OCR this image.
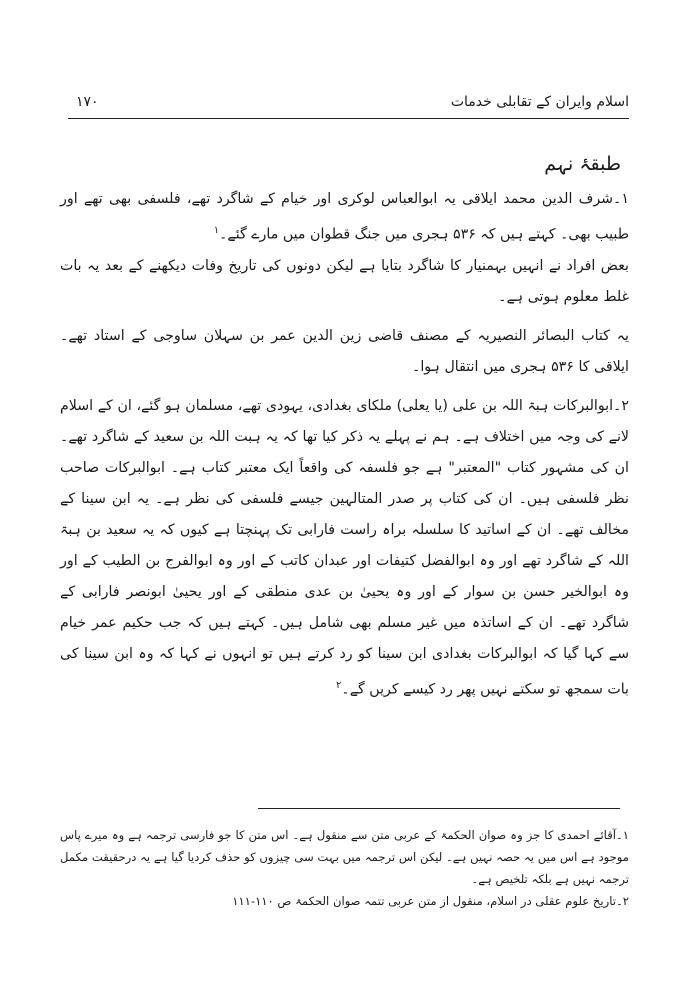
اسلام وایران کے تقابلی خدمات
۱۷۰
طبقۂ نہم

۱۔شرف الدین محمد ایلاقی یہ ابوالعباس لوکری اور خیام کے شاگرد تھے، فلسفی بھی تھے اور طبیب بھی۔ کہتے ہیں کہ ۵۳۶ ہجری میں جنگ قطوان میں مارے گئے۔$^۱$

بعض افراد نے انہیں بہمنیار کا شاگرد بتایا ہے لیکن دونوں کی تاریخ وفات دیکھنے کے بعد یہ بات غلط معلوم ہوتی ہے۔

یہ کتاب البصائر النصیریہ کے مصنف قاضی زین الدین عمر بن سہلان ساوجی کے استاد تھے۔ ایلاقی کا ۵۳۶ ہجری میں انتقال ہوا۔

۲۔ابوالبرکات ہبۃ اللہ بن علی (یا یعلی) ملکای بغدادی، یہودی تھے، مسلمان ہو گئے، ان کے اسلام لانے کی وجہ میں اختلاف ہے۔ ہم نے پہلے یہ ذکر کیا تھا کہ یہ ہبت اللہ بن سعید کے شاگرد تھے۔ ان کی مشہور کتاب "المعتبر" ہے جو فلسفہ کی واقعاً ایک معتبر کتاب ہے۔ ابوالبرکات صاحب نظر فلسفی ہیں۔ ان کی کتاب پر صدر المتالہین جیسے فلسفی کی نظر ہے۔ یہ ابن سینا کے مخالف تھے۔ ان کے اساتید کا سلسلہ براہ راست فارابی تک پہنچتا ہے کیوں کہ یہ سعید بن ہبۃ اللہ کے شاگرد تھے اور وہ ابوالفضل کتیفات اور عبدان کاتب کے اور وہ ابوالفرج بن الطیب کے اور وہ ابوالخیر حسن بن سوار کے اور وہ یحییٰ بن عدی منطقی کے اور یحییٰ ابونصر فارابی کے شاگرد تھے۔ ان کے اساتذہ میں غیر مسلم بھی شامل ہیں۔ کہتے ہیں کہ جب حکیم عمر خیام سے کہا گیا کہ ابوالبرکات بغدادی ابن سینا کو رد کرتے ہیں تو انہوں نے کہا کہ وہ ابن سینا کی بات سمجھ تو سکتے نہیں پھر رد کیسے کریں گے۔$^۲$

۱۔آقائے احمدی کا جز وہ صوان الحکمۃ کے عربی متن سے منقول ہے۔ اس متن کا جو فارسی ترجمہ ہے وہ میرے پاس موجود ہے اس میں یہ حصہ نہیں ہے۔ لیکن اس ترجمہ میں بہت سی چیزوں کو حذف کردیا گیا ہے یہ درحقیقت مکمل ترجمہ نہیں ہے بلکہ تلخیص ہے۔

۲۔تاریخ علوم عقلی در اسلام، منقول از متن عربی تتمہ صوان الحکمۃ ص ۱۱۰-۱۱۱
